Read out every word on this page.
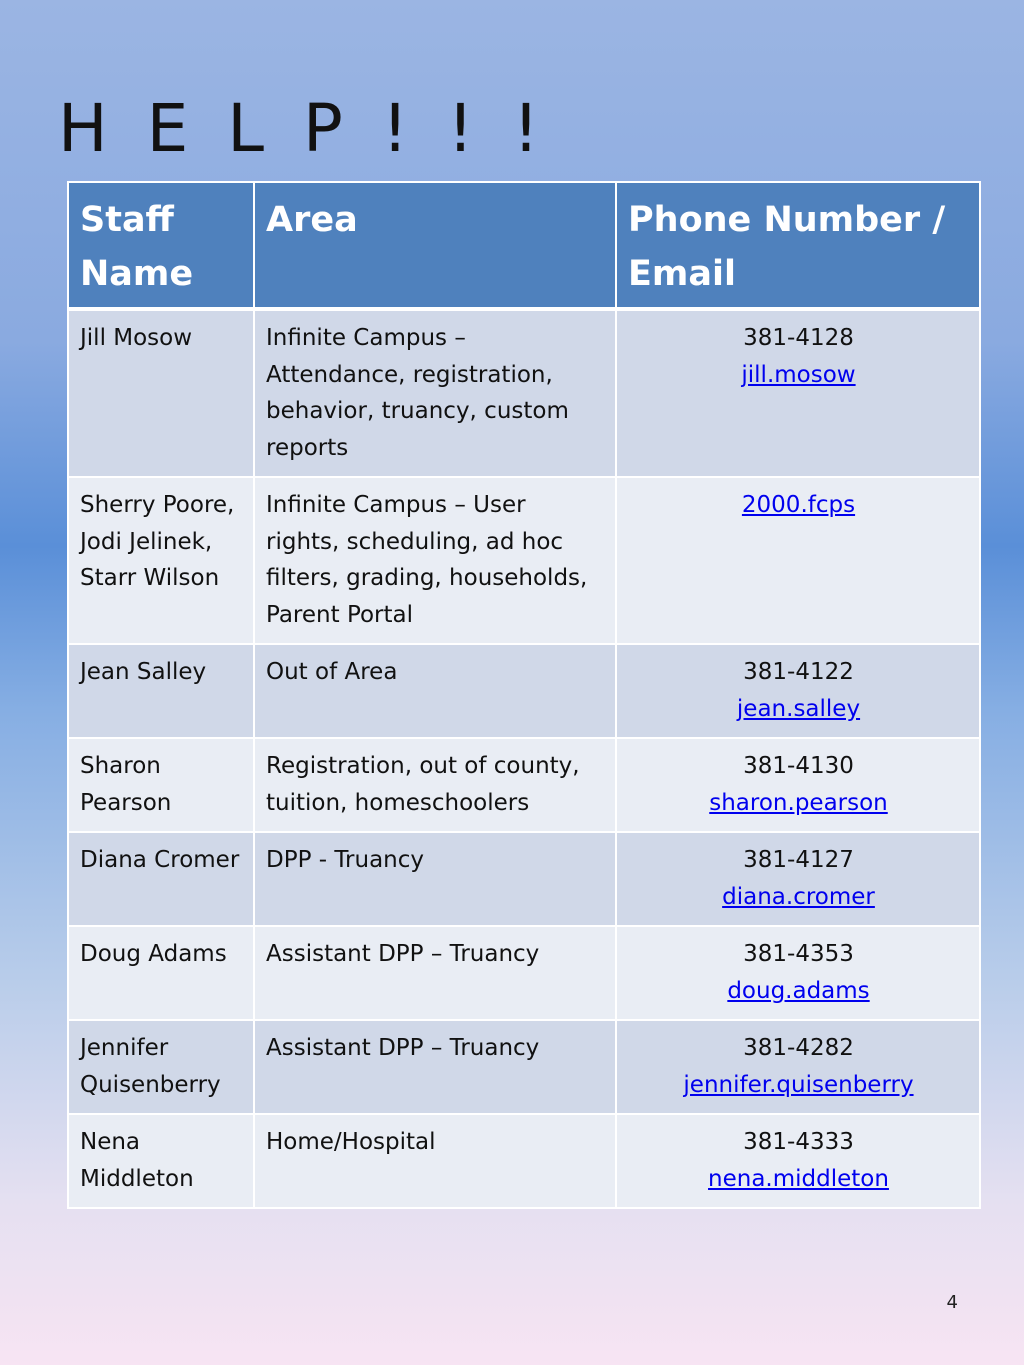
H E L P ! ! !
Staff Name	Area	Phone Number / Email
Jill Mosow	Infinite Campus – Attendance, registration, behavior, truancy, custom reports	381-4128
jill.mosow

Sherry Poore, Jodi Jelinek, Starr Wilson	Infinite Campus – User rights, scheduling, ad hoc filters, grading, households, Parent Portal	2000.fcps

Jean Salley	Out of Area	381-4122
jean.salley

Sharon Pearson	Registration, out of county, tuition, homeschoolers	381-4130
sharon.pearson

Diana Cromer	DPP - Truancy	381-4127
diana.cromer

Doug Adams	Assistant DPP – Truancy	381-4353
doug.adams

Jennifer Quisenberry	Assistant DPP – Truancy	381-4282
jennifer.quisenberry

Nena Middleton	Home/Hospital	381-4333
nena.middleton
4
